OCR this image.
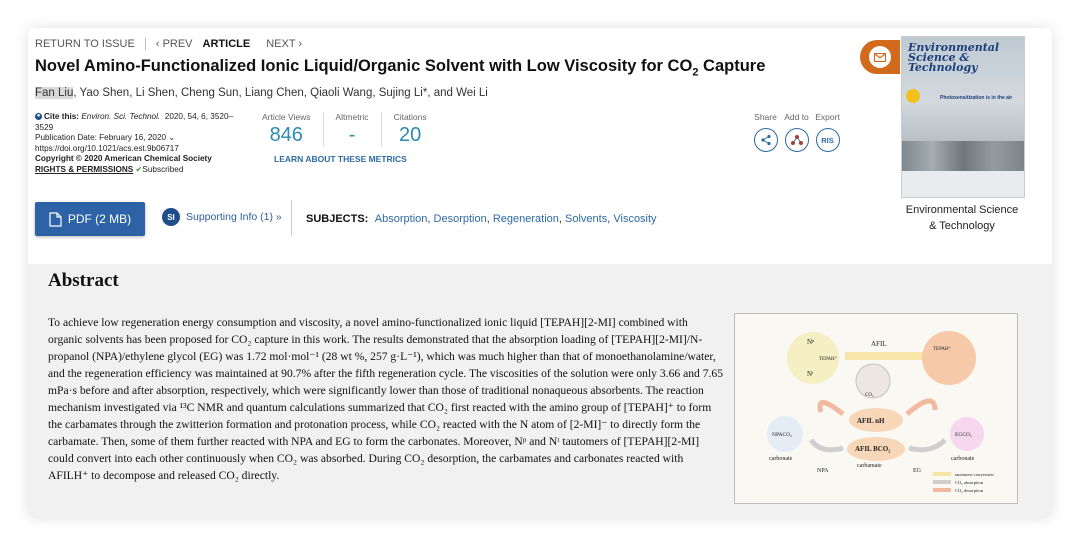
RETURN TO ISSUE ‹ PREV ARTICLE NEXT ›
Novel Amino-Functionalized Ionic Liquid/Organic Solvent with Low Viscosity for $CO_2$ Capture
Fan Liu, Yao Shen, Li Shen, Cheng Sun, Liang Chen, Qiaoli Wang, Sujing Li*, and Wei Li
● Cite this: Environ. Sci. Technol. 2020, 54, 6, 3520–3529
Publication Date: February 16, 2020 ⌄
https://doi.org/10.1021/acs.est.9b06717
Copyright © 2020 American Chemical Society
RIGHTS & PERMISSIONS ✔Subscribed
Article Views
846
Altmetric
-
Citations
20
LEARN ABOUT THESE METRICS
Share Add to Export
RIS
PDF (2 MB)	SI	Supporting Info (1) » SUBJECTS: Absorption, Desorption, Regeneration, Solvents, Viscosity
Environmental Science & Technology
Photosensitization is in the air
Environmental Science
& Technology
Abstract
To achieve low regeneration energy consumption and viscosity, a novel amino-functionalized ionic liquid [TEPAH][2-MI] combined with organic solvents has been proposed for CO₂ capture in this work. The results demonstrated that the absorption loading of [TEPAH][2-MI]/N-propanol (NPA)/ethylene glycol (EG) was 1.72 mol·mol⁻¹ (28 wt %, 257 g·L⁻¹), which was much higher than that of monoethanolamine/water, and the regeneration efficiency was maintained at 90.7% after the fifth regeneration cycle. The viscosities of the solution were only 3.66 and 7.65 mPa·s before and after absorption, respectively, which were significantly lower than those of traditional nonaqueous absorbents. The reaction mechanism investigated via ¹³C NMR and quantum calculations summarized that CO₂ first reacted with the amino group of [TEPAH]⁺ to form the carbamates through the zwitterion formation and protonation process, while CO₂ reacted with the N atom of [2-MI]⁻ to directly form the carbamate. Then, some of them further reacted with NPA and EG to form the carbonates. Moreover, Nᵖ and Nᵗ tautomers of [TEPAH][2-MI] could convert into each other continuously when CO₂ was absorbed. During CO₂ desorption, the carbamates and carbonates reacted with AFILH⁺ to decompose and released CO₂ directly.
Nᵖ
Nᵗ
TEPAH⁺
AFIL
TEPAH⁺
CO₂
AFIL nH
AFIL BCO₂
carbamate
NPACO₂
carbonate
EGCO₂
carbonate
NPA	EG
tautomers conversion
CO₂ absorption
CO₂ desorption
